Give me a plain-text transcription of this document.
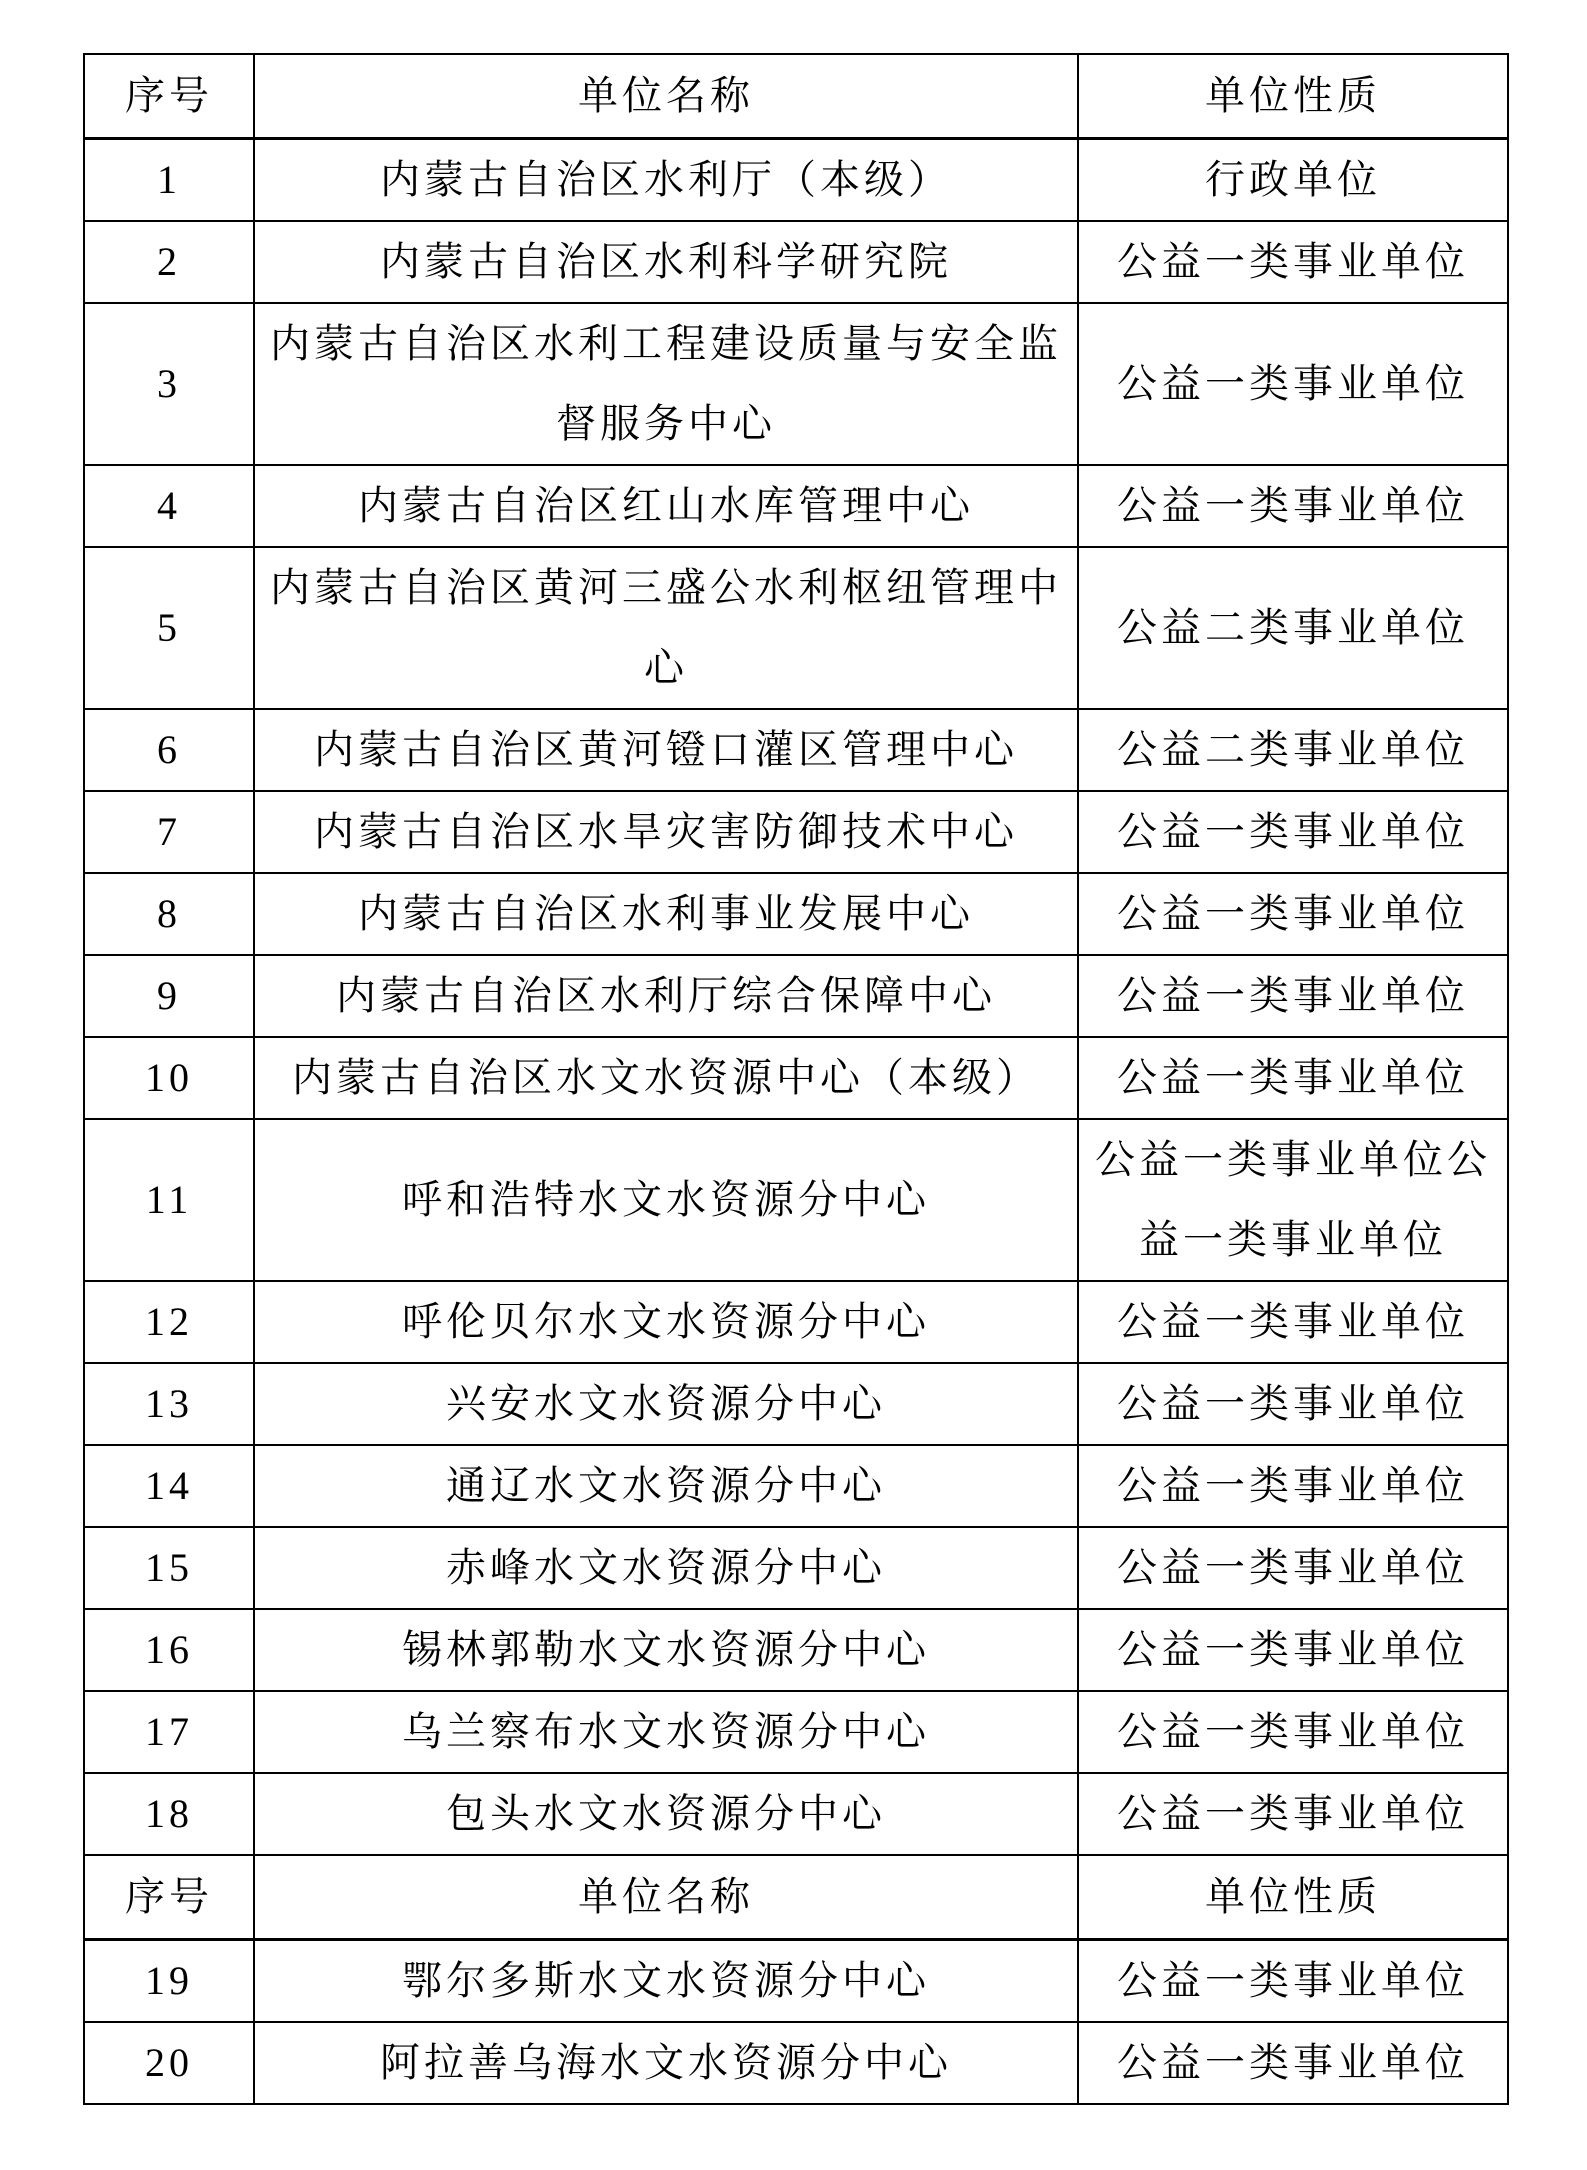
序号	单位名称	单位性质
1	内蒙古自治区水利厅（本级）	行政单位
2	内蒙古自治区水利科学研究院	公益一类事业单位
3	内蒙古自治区水利工程建设质量与安全监督服务中心	公益一类事业单位
4	内蒙古自治区红山水库管理中心	公益一类事业单位
5	内蒙古自治区黄河三盛公水利枢纽管理中心	公益二类事业单位
6	内蒙古自治区黄河镫口灌区管理中心	公益二类事业单位
7	内蒙古自治区水旱灾害防御技术中心	公益一类事业单位
8	内蒙古自治区水利事业发展中心	公益一类事业单位
9	内蒙古自治区水利厅综合保障中心	公益一类事业单位
10	内蒙古自治区水文水资源中心（本级）	公益一类事业单位
11	呼和浩特水文水资源分中心	公益一类事业单位公益一类事业单位
12	呼伦贝尔水文水资源分中心	公益一类事业单位
13	兴安水文水资源分中心	公益一类事业单位
14	通辽水文水资源分中心	公益一类事业单位
15	赤峰水文水资源分中心	公益一类事业单位
16	锡林郭勒水文水资源分中心	公益一类事业单位
17	乌兰察布水文水资源分中心	公益一类事业单位
18	包头水文水资源分中心	公益一类事业单位
序号	单位名称	单位性质
19	鄂尔多斯水文水资源分中心	公益一类事业单位
20	阿拉善乌海水文水资源分中心	公益一类事业单位
